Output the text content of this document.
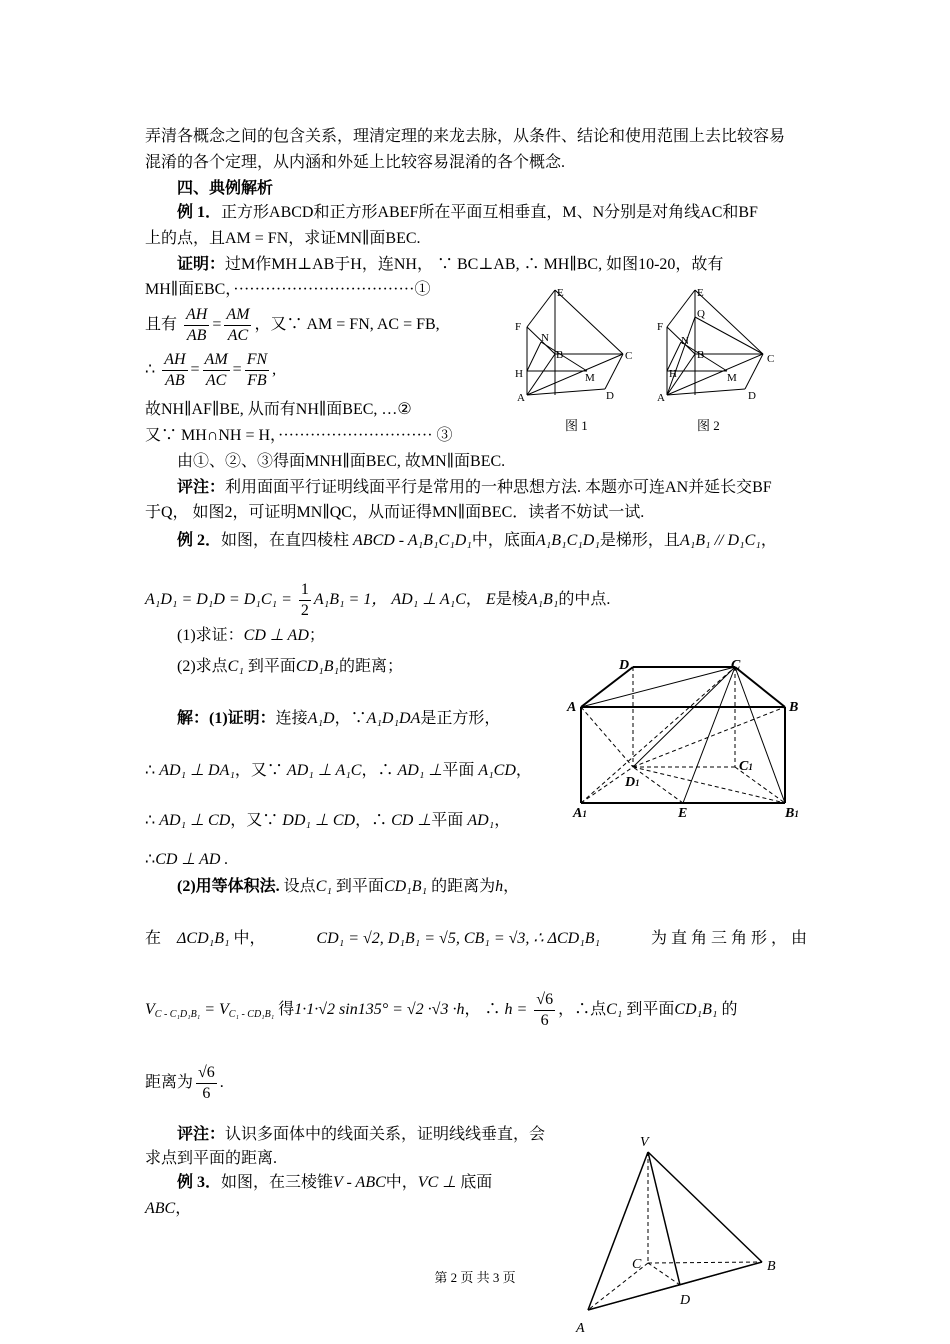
弄清各概念之间的包含关系，理清定理的来龙去脉，从条件、结论和使用范围上去比较容易
混淆的各个定理，从内涵和外延上比较容易混淆的各个概念.
四、典例解析
例 1．正方形ABCD和正方形ABEF所在平面互相垂直，M、N分别是对角线AC和BF
上的点，且AM = FN，求证MN∥面BEC.
证明：过M作MH⊥AB于H，连NH， ∵ BC⊥AB, ∴ MH∥BC, 如图10-20，故有
MH∥面EBC，··································①
且有 $\frac{AH}{AB} = \frac{AM}{AC}$ ，又∵ AM = FN, AC = FB,
∴ $\frac{AH}{AB} = \frac{AM}{AC} = \frac{FN}{FB}$ ,
故NH∥AF∥BE, 从而有NH∥面BEC, …②
又∵ MH∩NH = H，····························· ③
由①、②、③得面MNH∥面BEC, 故MN∥面BEC.
评注：利用面面平行证明线面平行是常用的一种思想方法. 本题亦可连AN并延长交BF
于Q， 如图2，可证明MN∥QC，从而证得MN∥面BEC．读者不妨试一试.
E
F
N
B	C
H	M
A	D
E
F
Q
N
B	C
H	M
A	D
图 1	图 2
例 2．如图，在直四棱柱 ABCD - A₁B₁C₁D₁中，底面A₁B₁C₁D₁是梯形，且A₁B₁ // D₁C₁，
$A_1D_1 = D_1D = D_1C_1 = \frac{1}{2} A_1B_1 = 1$， AD₁ ⊥ A₁C， E是棱A₁B₁的中点.
(1)求证：CD ⊥ AD；
(2)求点C₁ 到平面CD₁B₁的距离；
解：(1)证明：连接A₁D，∵A₁D₁DA是正方形，
∴ AD₁ ⊥ DA₁，又∵ AD₁ ⊥ A₁C，∴ AD₁ ⊥平面 A₁CD，
∴ AD₁ ⊥ CD，又∵ DD₁ ⊥ CD，∴ CD ⊥平面 AD₁，
∴CD ⊥ AD .
(2)用等体积法. 设点C₁ 到平面CD₁B₁ 的距离为h，
在 ΔCD₁B₁ 中，	CD₁ = √2, D₁B₁ = √5, CB₁ = √3, ∴ ΔCD₁B₁	为 直 角 三 角 形 ， 由
$V_{C - C_1D_1B_1} = V_{C_1 - CD_1B_1}$ 得1·1·√2 sin135° = √2 ·√3 ·h， ∴ $h = \frac{√6}{6}$ ，∴点C₁ 到平面CD₁B₁ 的
距离为 $\frac{√6}{6}$ .
评注：认识多面体中的线面关系，证明线线垂直，会
求点到平面的距离.
D	C
A	B
C1
D1
A1	E	B1
例 3．如图，在三棱锥V - ABC中，VC ⊥ 底面
ABC，
V
C	B
D
A
第 2 页 共 3 页
